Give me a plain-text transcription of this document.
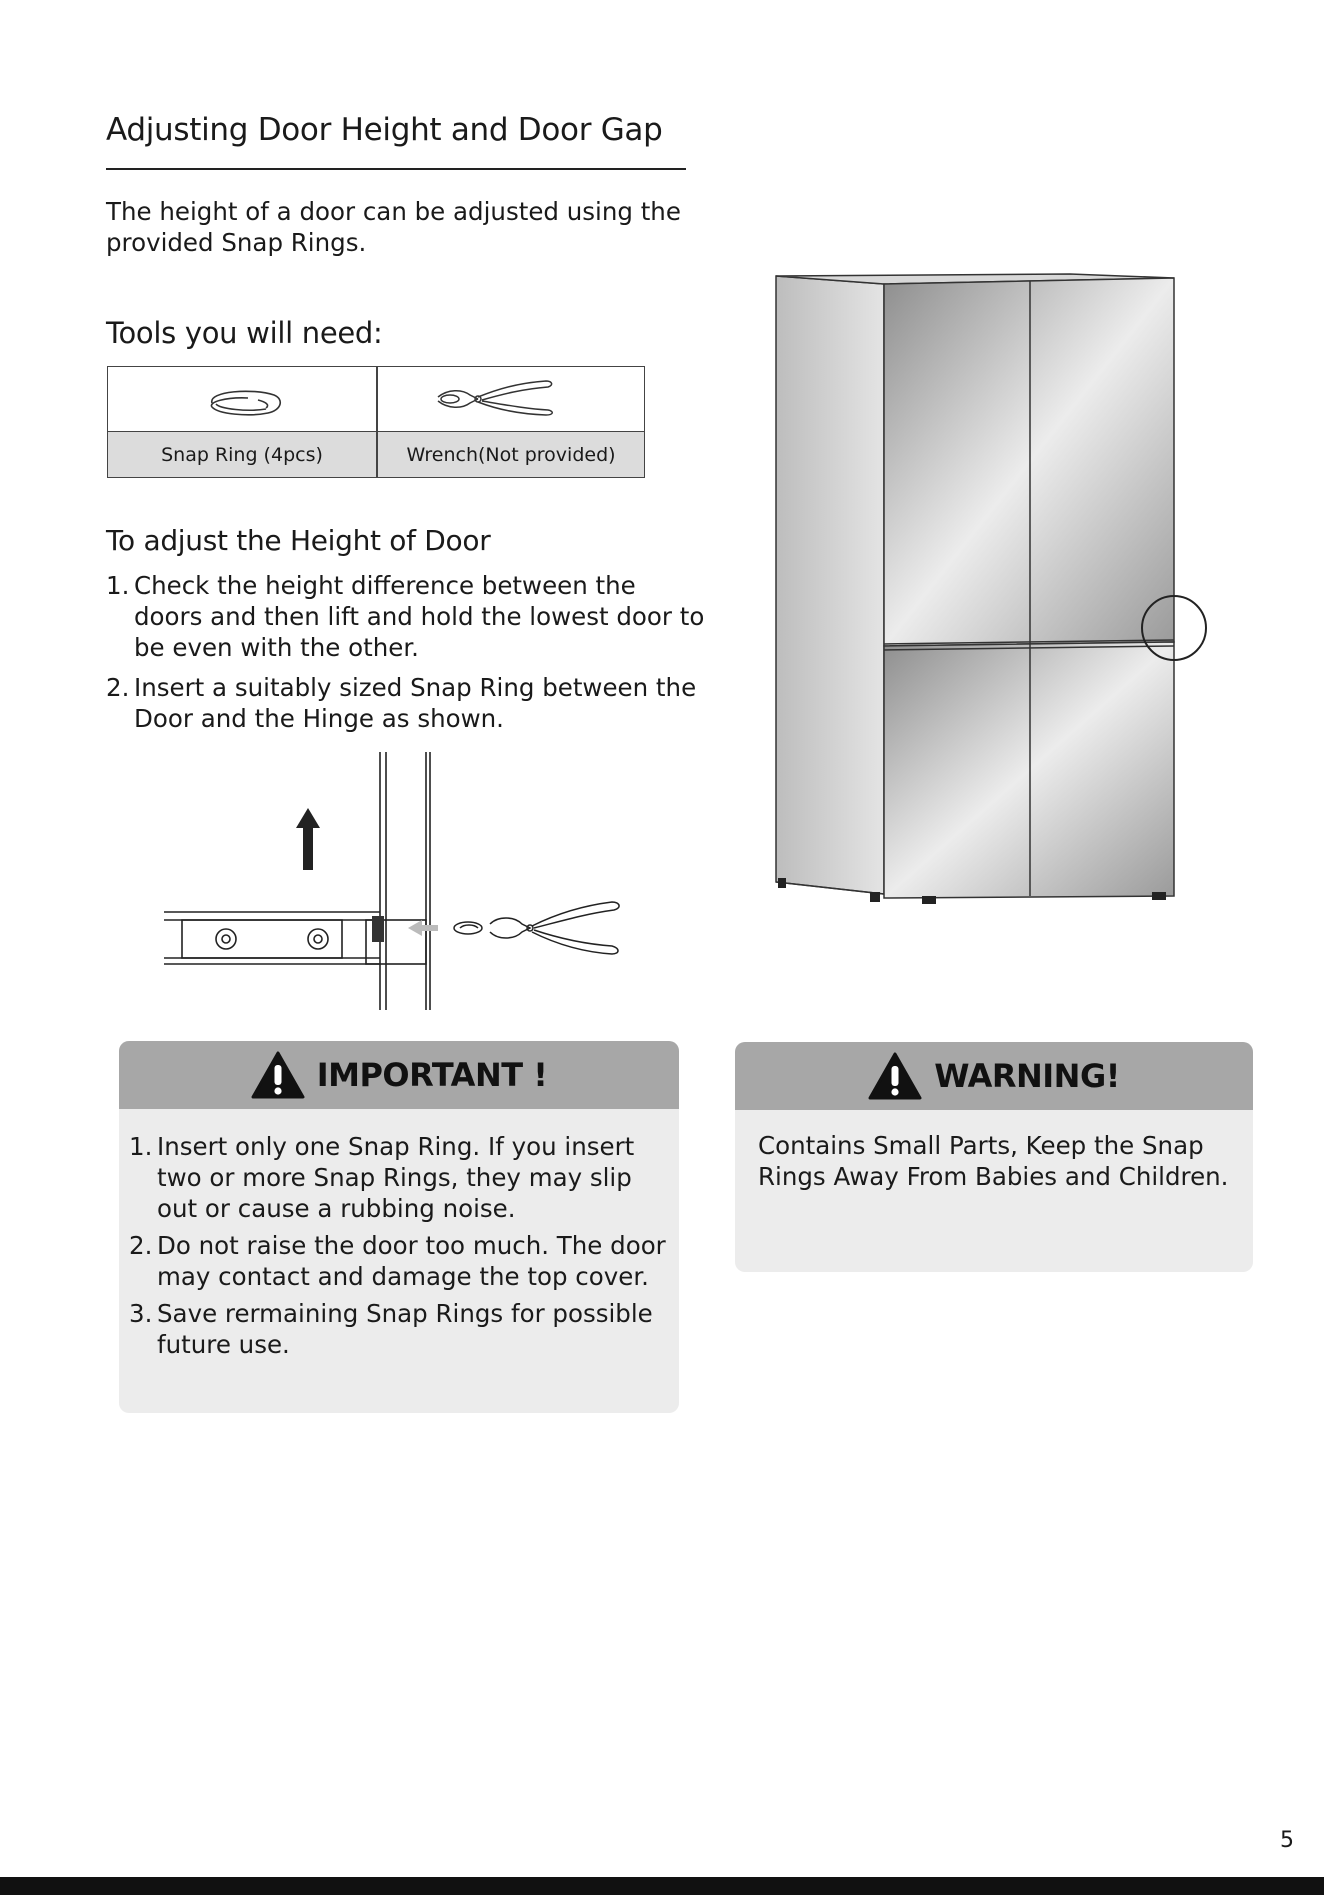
Adjusting Door Height and Door Gap
The height of a door can be adjusted using the provided Snap Rings.
Tools you will need:
Snap Ring (4pcs)	Wrench(Not provided)
To adjust the Height of Door
1. Check the height difference between the doors and then lift and hold the lowest door to be even with the other.
2. Insert a suitably sized Snap Ring between the Door and the Hinge as shown.
IMPORTANT !
1. Insert only one Snap Ring. If you insert two or more Snap Rings, they may slip out or cause a rubbing noise.
2. Do not raise the door too much. The door may contact and damage the top cover.
3. Save rermaining Snap Rings for possible future use.
WARNING!
Contains Small Parts, Keep the Snap Rings Away From Babies and Children.
5
